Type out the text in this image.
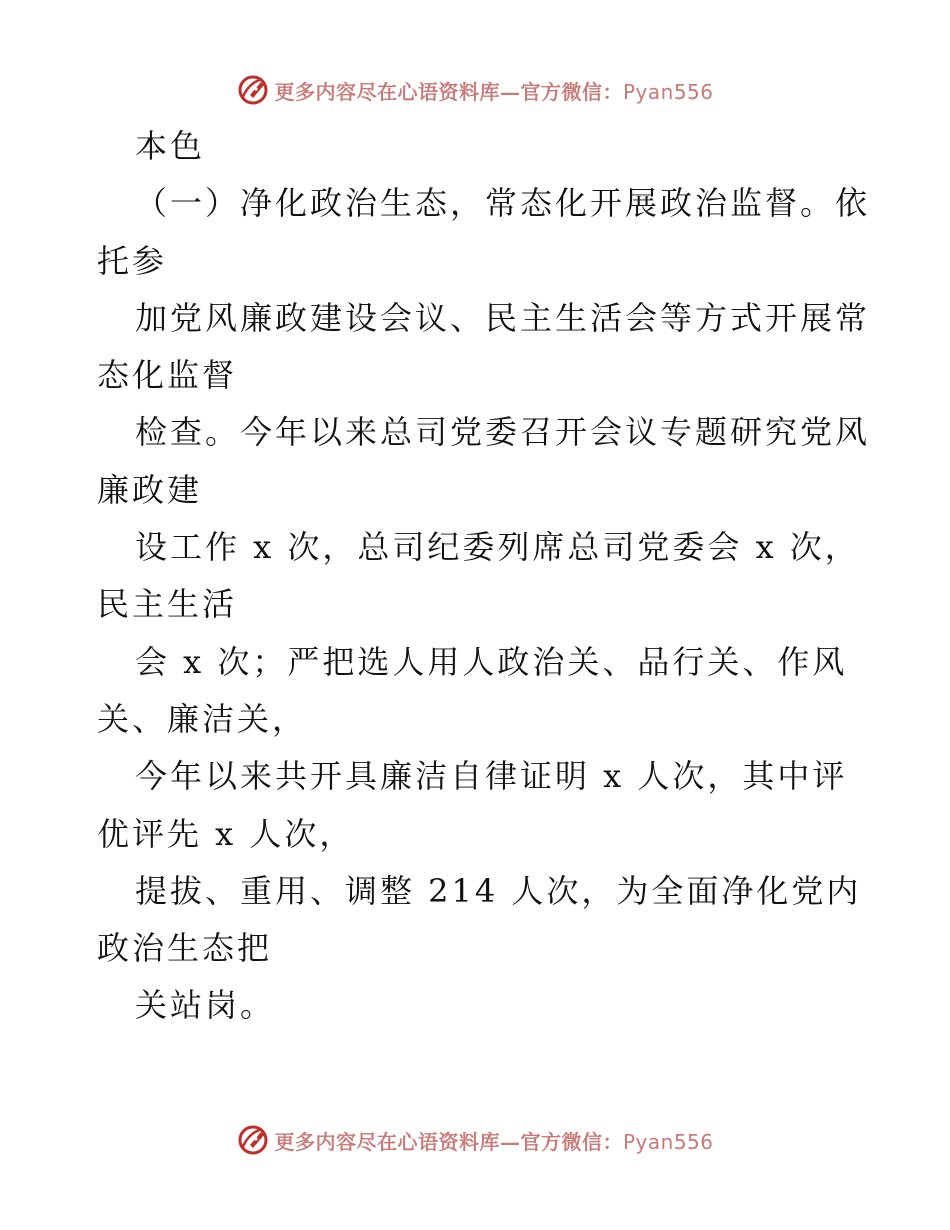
更多内容尽在心语资料库—官方微信：Pyan556
本色
（一）净化政治生态，常态化开展政治监督。依
托参
加党风廉政建设会议、民主生活会等方式开展常
态化监督
检查。今年以来总司党委召开会议专题研究党风
廉政建
设工作 x 次，总司纪委列席总司党委会 x 次，
民主生活
会 x 次；严把选人用人政治关、品行关、作风
关、廉洁关，
今年以来共开具廉洁自律证明 x 人次，其中评
优评先 x 人次，
提拔、重用、调整 214 人次，为全面净化党内
政治生态把
关站岗。
更多内容尽在心语资料库—官方微信：Pyan556
